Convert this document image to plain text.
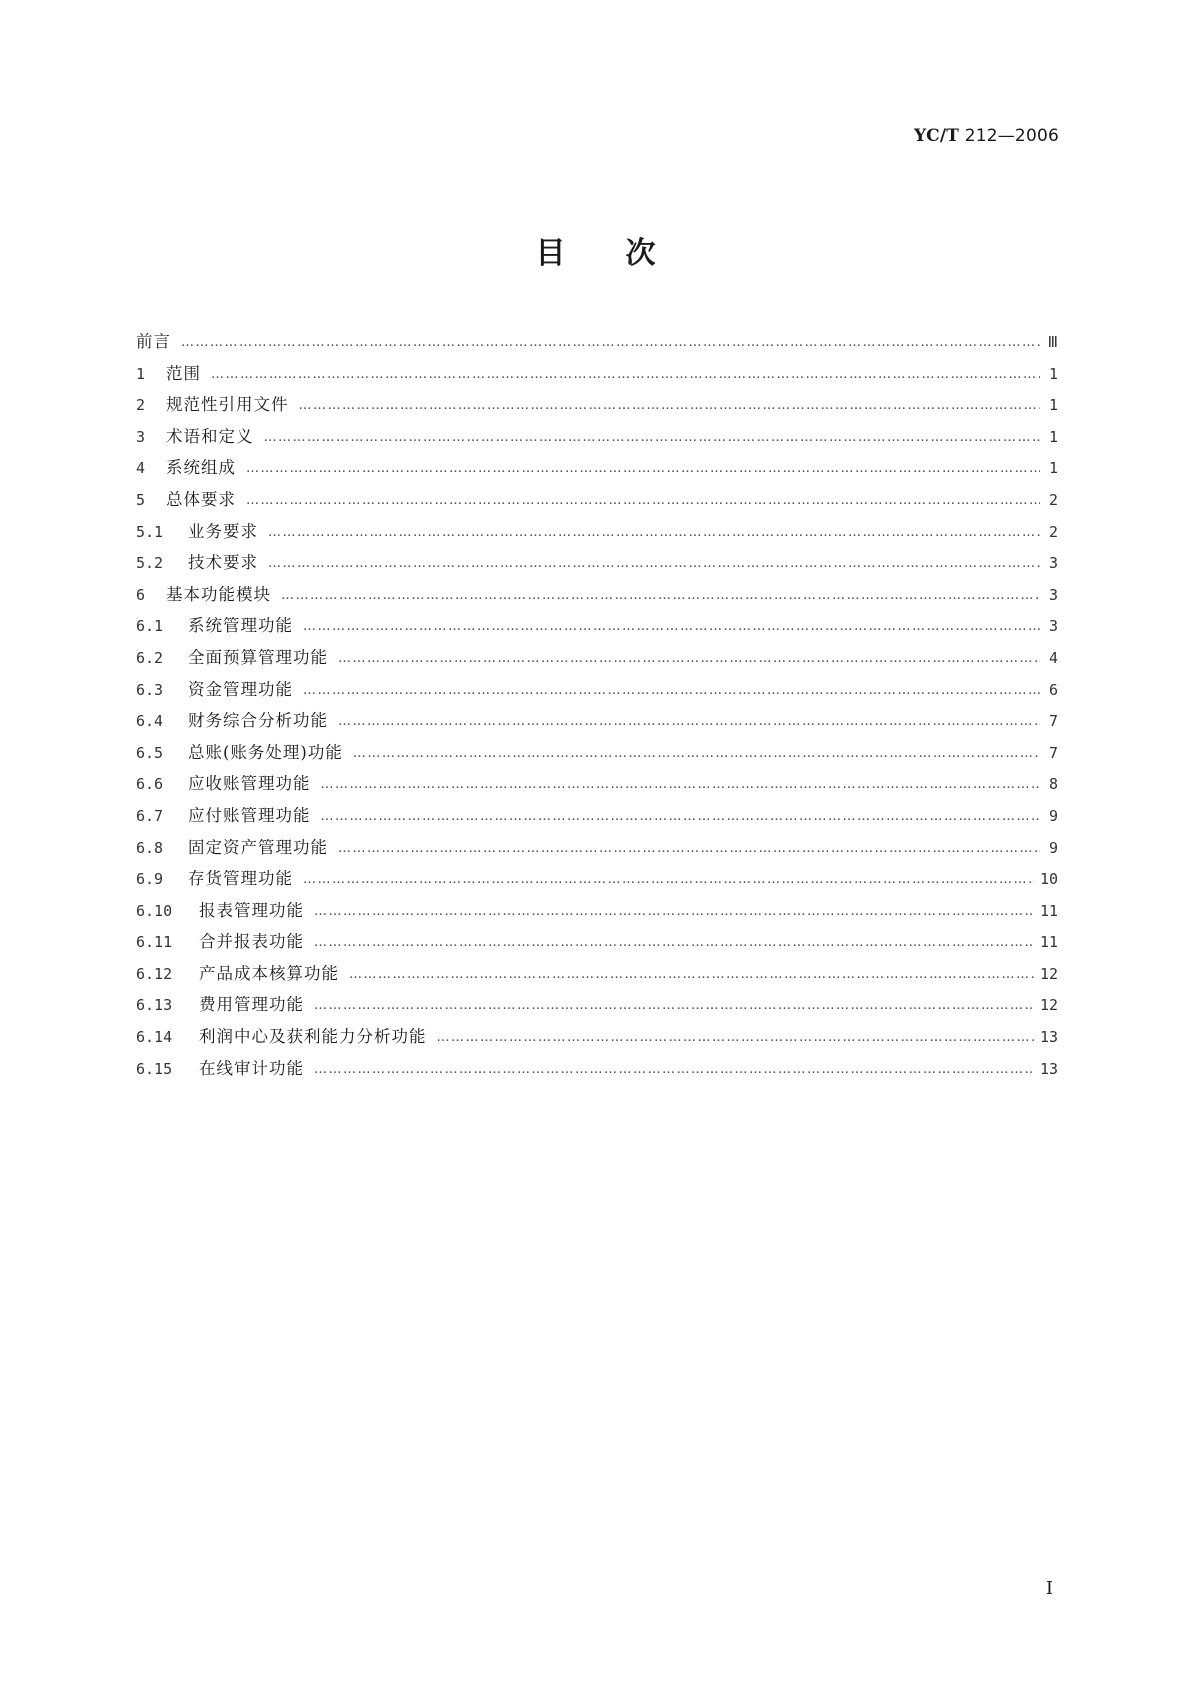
YC/T 212—2006
目次
前言 ……………………………………………………………………………………………………………………………………………………………………………………………………………………	Ⅲ
1	范围 ……………………………………………………………………………………………………………………………………………………………………………………………………………………	1
2	规范性引用文件 ……………………………………………………………………………………………………………………………………………………………………………………………………………………	1
3	术语和定义 ……………………………………………………………………………………………………………………………………………………………………………………………………………………	1
4	系统组成 ……………………………………………………………………………………………………………………………………………………………………………………………………………………	1
5	总体要求 ……………………………………………………………………………………………………………………………………………………………………………………………………………………	2
5.1	业务要求 ……………………………………………………………………………………………………………………………………………………………………………………………………………………	2
5.2	技术要求 ……………………………………………………………………………………………………………………………………………………………………………………………………………………	3
6	基本功能模块 ……………………………………………………………………………………………………………………………………………………………………………………………………………………	3
6.1	系统管理功能 ……………………………………………………………………………………………………………………………………………………………………………………………………………………	3
6.2	全面预算管理功能 ……………………………………………………………………………………………………………………………………………………………………………………………………………………	4
6.3	资金管理功能 ……………………………………………………………………………………………………………………………………………………………………………………………………………………	6
6.4	财务综合分析功能 ……………………………………………………………………………………………………………………………………………………………………………………………………………………	7
6.5	总账(账务处理)功能 ……………………………………………………………………………………………………………………………………………………………………………………………………………………	7
6.6	应收账管理功能 ……………………………………………………………………………………………………………………………………………………………………………………………………………………	8
6.7	应付账管理功能 ……………………………………………………………………………………………………………………………………………………………………………………………………………………	9
6.8	固定资产管理功能 ……………………………………………………………………………………………………………………………………………………………………………………………………………………	9
6.9	存货管理功能 ……………………………………………………………………………………………………………………………………………………………………………………………………………………	10
6.10	报表管理功能 ……………………………………………………………………………………………………………………………………………………………………………………………………………………	11
6.11	合并报表功能 ……………………………………………………………………………………………………………………………………………………………………………………………………………………	11
6.12	产品成本核算功能 ……………………………………………………………………………………………………………………………………………………………………………………………………………………	12
6.13	费用管理功能 ……………………………………………………………………………………………………………………………………………………………………………………………………………………	12
6.14	利润中心及获利能力分析功能 ……………………………………………………………………………………………………………………………………………………………………………………………………………………	13
6.15	在线审计功能 ……………………………………………………………………………………………………………………………………………………………………………………………………………………	13
I
